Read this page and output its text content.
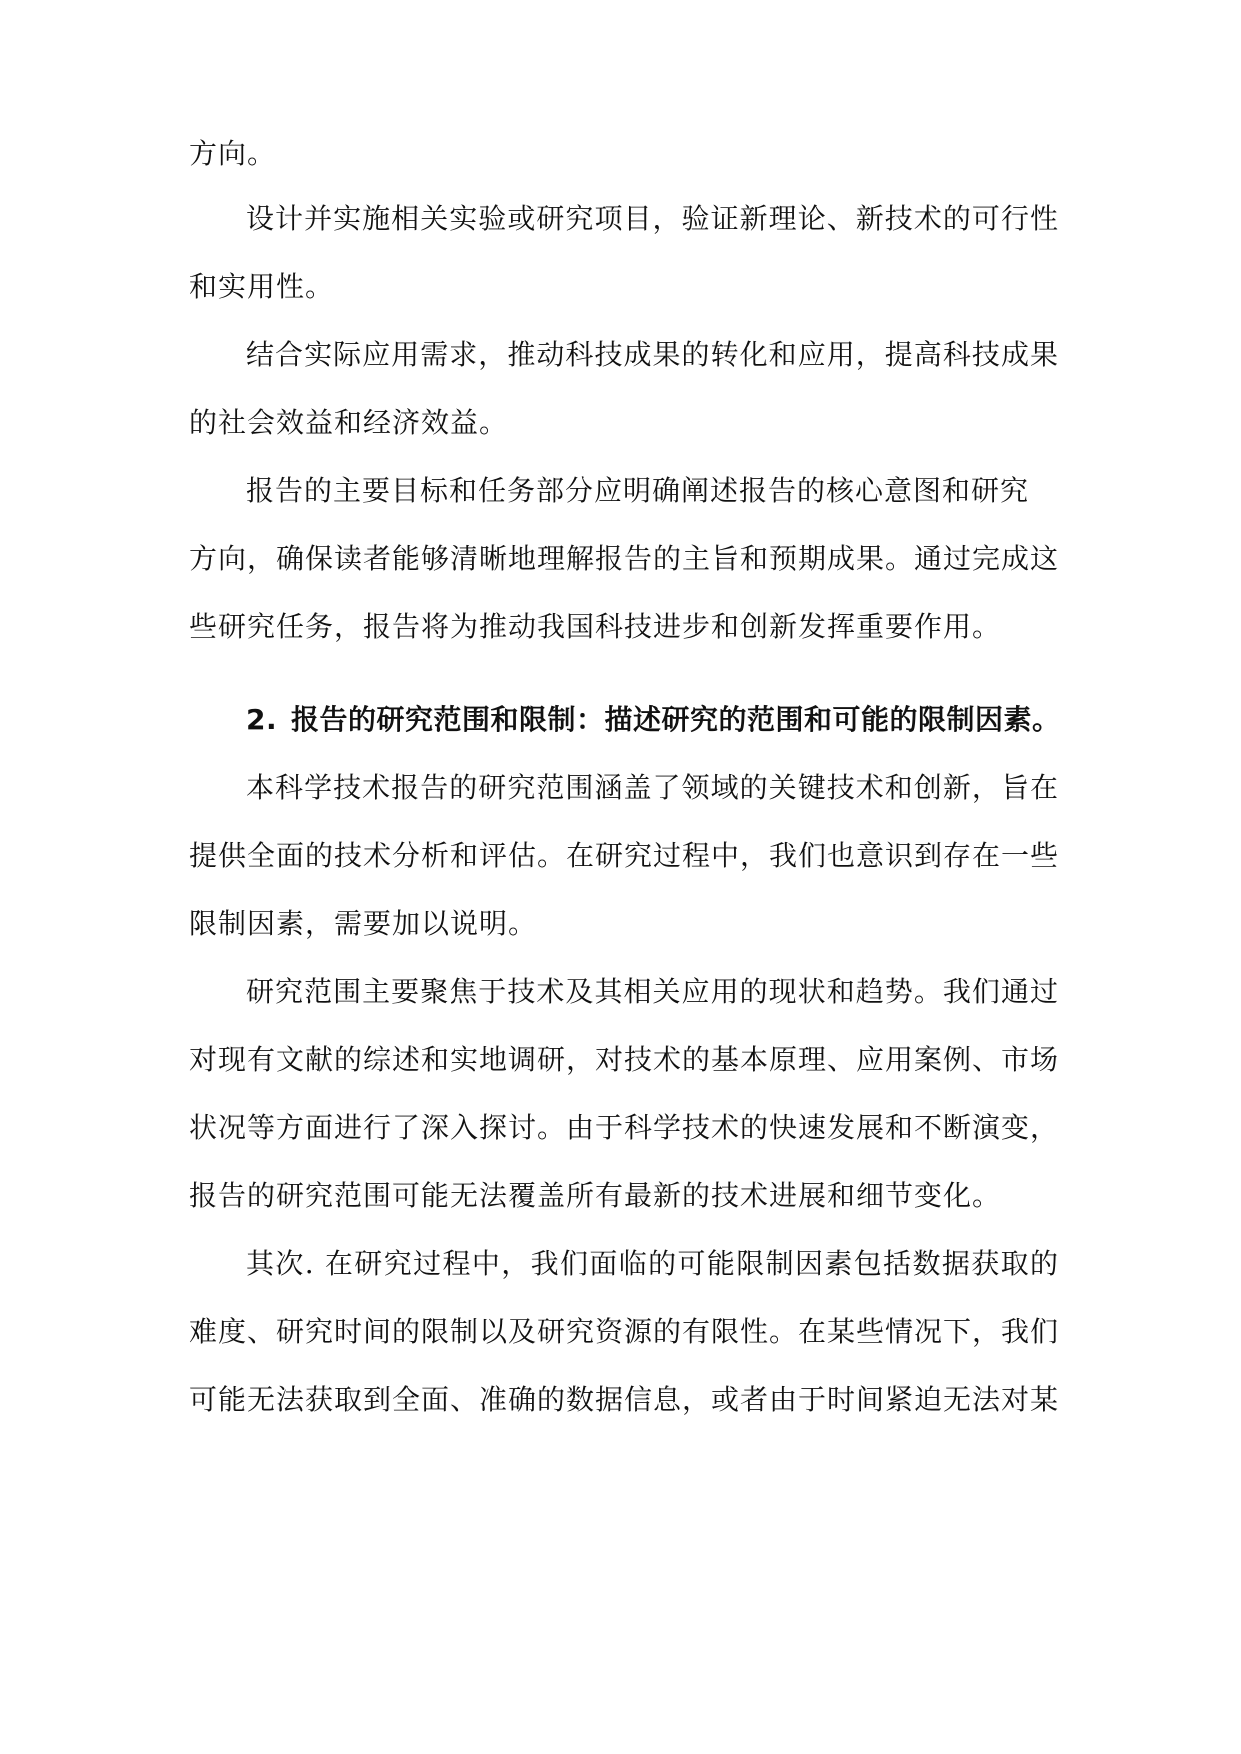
方向。

设计并实施相关实验或研究项目，验证新理论、新技术的可行性

和实用性。

结合实际应用需求，推动科技成果的转化和应用，提高科技成果

的社会效益和经济效益。

报告的主要目标和任务部分应明确阐述报告的核心意图和研究

方向，确保读者能够清晰地理解报告的主旨和预期成果。通过完成这

些研究任务，报告将为推动我国科技进步和创新发挥重要作用。

2. 报告的研究范围和限制：描述研究的范围和可能的限制因素。

本科学技术报告的研究范围涵盖了领域的关键技术和创新，旨在

提供全面的技术分析和评估。在研究过程中，我们也意识到存在一些

限制因素，需要加以说明。

研究范围主要聚焦于技术及其相关应用的现状和趋势。我们通过

对现有文献的综述和实地调研，对技术的基本原理、应用案例、市场

状况等方面进行了深入探讨。由于科学技术的快速发展和不断演变，

报告的研究范围可能无法覆盖所有最新的技术进展和细节变化。

其次. 在研究过程中，我们面临的可能限制因素包括数据获取的

难度、研究时间的限制以及研究资源的有限性。在某些情况下，我们

可能无法获取到全面、准确的数据信息，或者由于时间紧迫无法对某
